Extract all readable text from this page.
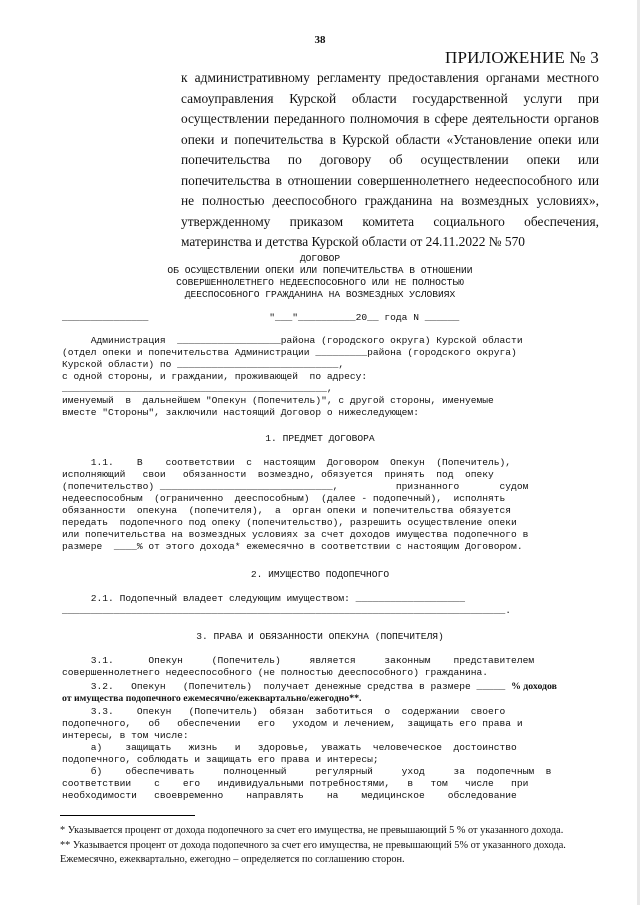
38
ПРИЛОЖЕНИЕ № 3
к административному регламенту предоставления органами местного самоуправления Курской области государственной услуги при осуществлении переданного полномочия в сфере деятельности органов опеки и попечительства в Курской области «Установление опеки или попечительства по договору об осуществлении опеки или попечительства в отношении совершеннолетнего недееспособного или не полностью дееспособного гражданина на возмездных условиях», утвержденному приказом комитета социального обеспечения, материнства и детства Курской области от 24.11.2022 № 570
ДОГОВОР
ОБ ОСУЩЕСТВЛЕНИИ ОПЕКИ ИЛИ ПОПЕЧИТЕЛЬСТВА В ОТНОШЕНИИ
СОВЕРШЕННОЛЕТНЕГО НЕДЕЕСПОСОБНОГО ИЛИ НЕ ПОЛНОСТЬЮ
ДЕЕСПОСОБНОГО ГРАЖДАНИНА НА ВОЗМЕЗДНЫХ УСЛОВИЯХ
_______________                     "___"__________20__ года N ______
Администрация  __________________района (городского округа) Курской области
(отдел опеки и попечительства Администрации _________района (городского округа)
Курской области) по ____________________________,
с одной стороны, и граждании, проживающей  по адресу:
______________________________________________,
именуемый  в  дальнейшем "Опекун (Попечитель)", с другой стороны, именуемые
вместе "Стороны", заключили настоящий Договор о нижеследующем:
1. ПРЕДМЕТ ДОГОВОРА
1.1.    В    соответствии  с  настоящим  Договором  Опекун  (Попечитель),
исполняющий   свои   обязанности  возмездно, обязуется  принять  под  опеку
(попечительство) ______________________________,          признанного       судом
недееспособным  (ограниченно  дееспособным)  (далее - подопечный),  исполнять
обязанности  опекуна  (попечителя),  а  орган опеки и попечительства обязуется
передать  подопечного под опеку (попечительство), разрешить осуществление опеки
или попечительства на возмездных условиях за счет доходов имущества подопечного в
размере  ____% от этого дохода* ежемесячно в соответствии с настоящим Договором.
2. ИМУЩЕСТВО ПОДОПЕЧНОГО
2.1. Подопечный владеет следующим имуществом: ___________________
_____________________________________________________________________________.
3. ПРАВА И ОБЯЗАННОСТИ ОПЕКУНА (ПОПЕЧИТЕЛЯ)
3.1.      Опекун     (Попечитель)     является     законным    представителем
совершеннолетнего недееспособного (не полностью дееспособного) гражданина.
3.2.   Опекун   (Попечитель)  получает денежные средства в размере _____ % доходов
от имущества подопечного ежемесячно/ежеквартально/ежегодно**.
3.3.    Опекун   (Попечитель)  обязан  заботиться  о  содержании  своего
подопечного,   об   обеспечении   его   уходом и лечением,  защищать его права и
интересы, в том числе:
а)    защищать   жизнь   и   здоровье,  уважать  человеческое  достоинство
подопечного, соблюдать и защищать его права и интересы;
б)    обеспечивать     полноценный     регулярный     уход     за  подопечным  в
соответствии    с    его   индивидуальными потребностями,   в   том   числе   при
необходимости   своевременно    направлять    на    медицинское    обследование
* Указывается процент от дохода подопечного за счет его имущества, не превышающий 5 % от указанного дохода.
** Указывается процент от дохода подопечного за счет его имущества, не превышающий 5% от указанного дохода. Ежемесячно, ежеквартально, ежегодно – определяется по соглашению сторон.
